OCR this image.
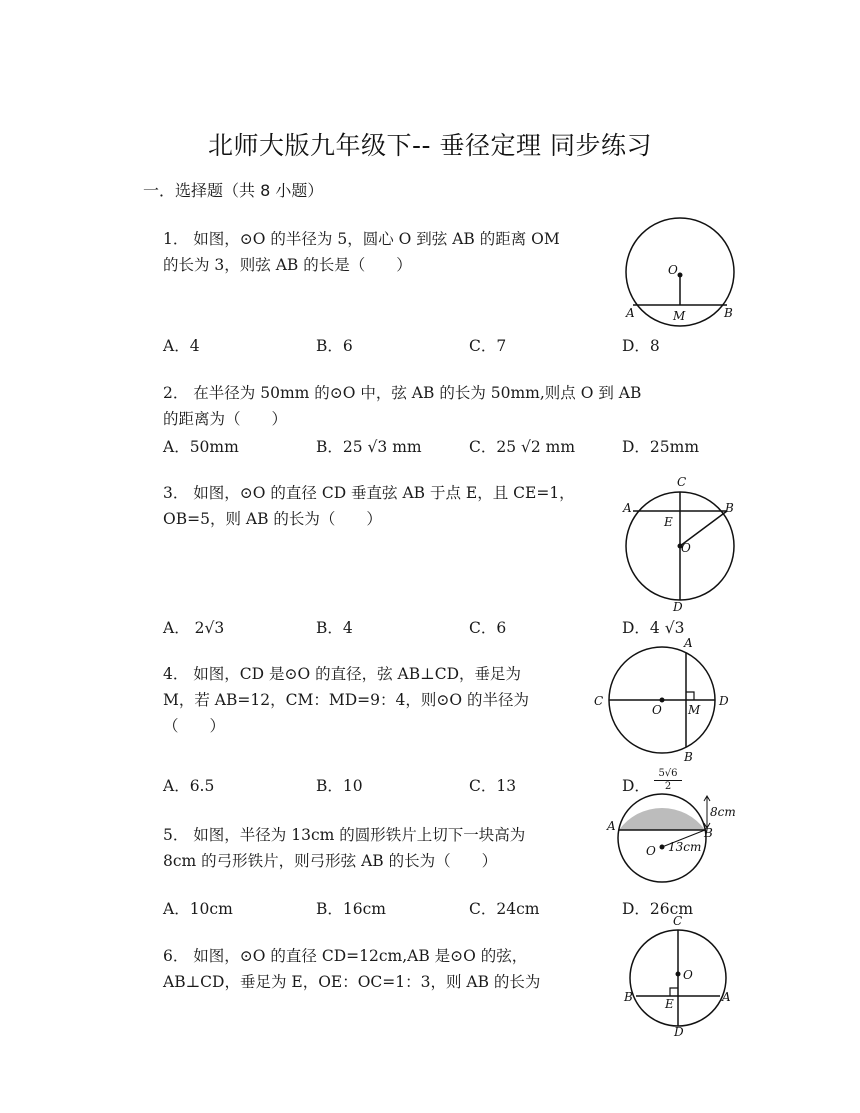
北师大版九年级下-- 垂径定理 同步练习
一．选择题（共 8 小题）
1． 如图，⊙O 的半径为 5，圆心 O 到弦 AB 的距离 OM
的长为 3，则弦 AB 的长是（　　）	O
A	M	B
A．4	B．6	C．7	D．8
2． 在半径为 50mm 的⊙O 中，弦 AB 的长为 50mm,则点 O 到 AB
的距离为（　　）
A．50mm	B．25 √3 mm	C．25 √2 mm	D．25mm
3． 如图，⊙O 的直径 CD 垂直弦 AB 于点 E，且 CE=1，
OB=5，则 AB 的长为（　　）
C
A	B
E
O
D
A． 2√3	B．4	C．6	D．4 √3
4． 如图，CD 是⊙O 的直径，弦 AB⊥CD，垂足为
M，若 AB=12，CM：MD=9：4，则⊙O 的半径为
（　　）
A
C
O M
D
B
A．6.5	B．10	C．13	D． $\frac{5√6}{2}$
5． 如图，半径为 13cm 的圆形铁片上切下一块高为
8cm 的弓形铁片，则弓形弦 AB 的长为（　　）
A	B
O
8cm
13cm
A．10cm	B．16cm	C．24cm	D．26cm
6． 如图，⊙O 的直径 CD=12cm,AB 是⊙O 的弦，
AB⊥CD，垂足为 E，OE：OC=1：3，则 AB 的长为
C
O
B	E	A
D
